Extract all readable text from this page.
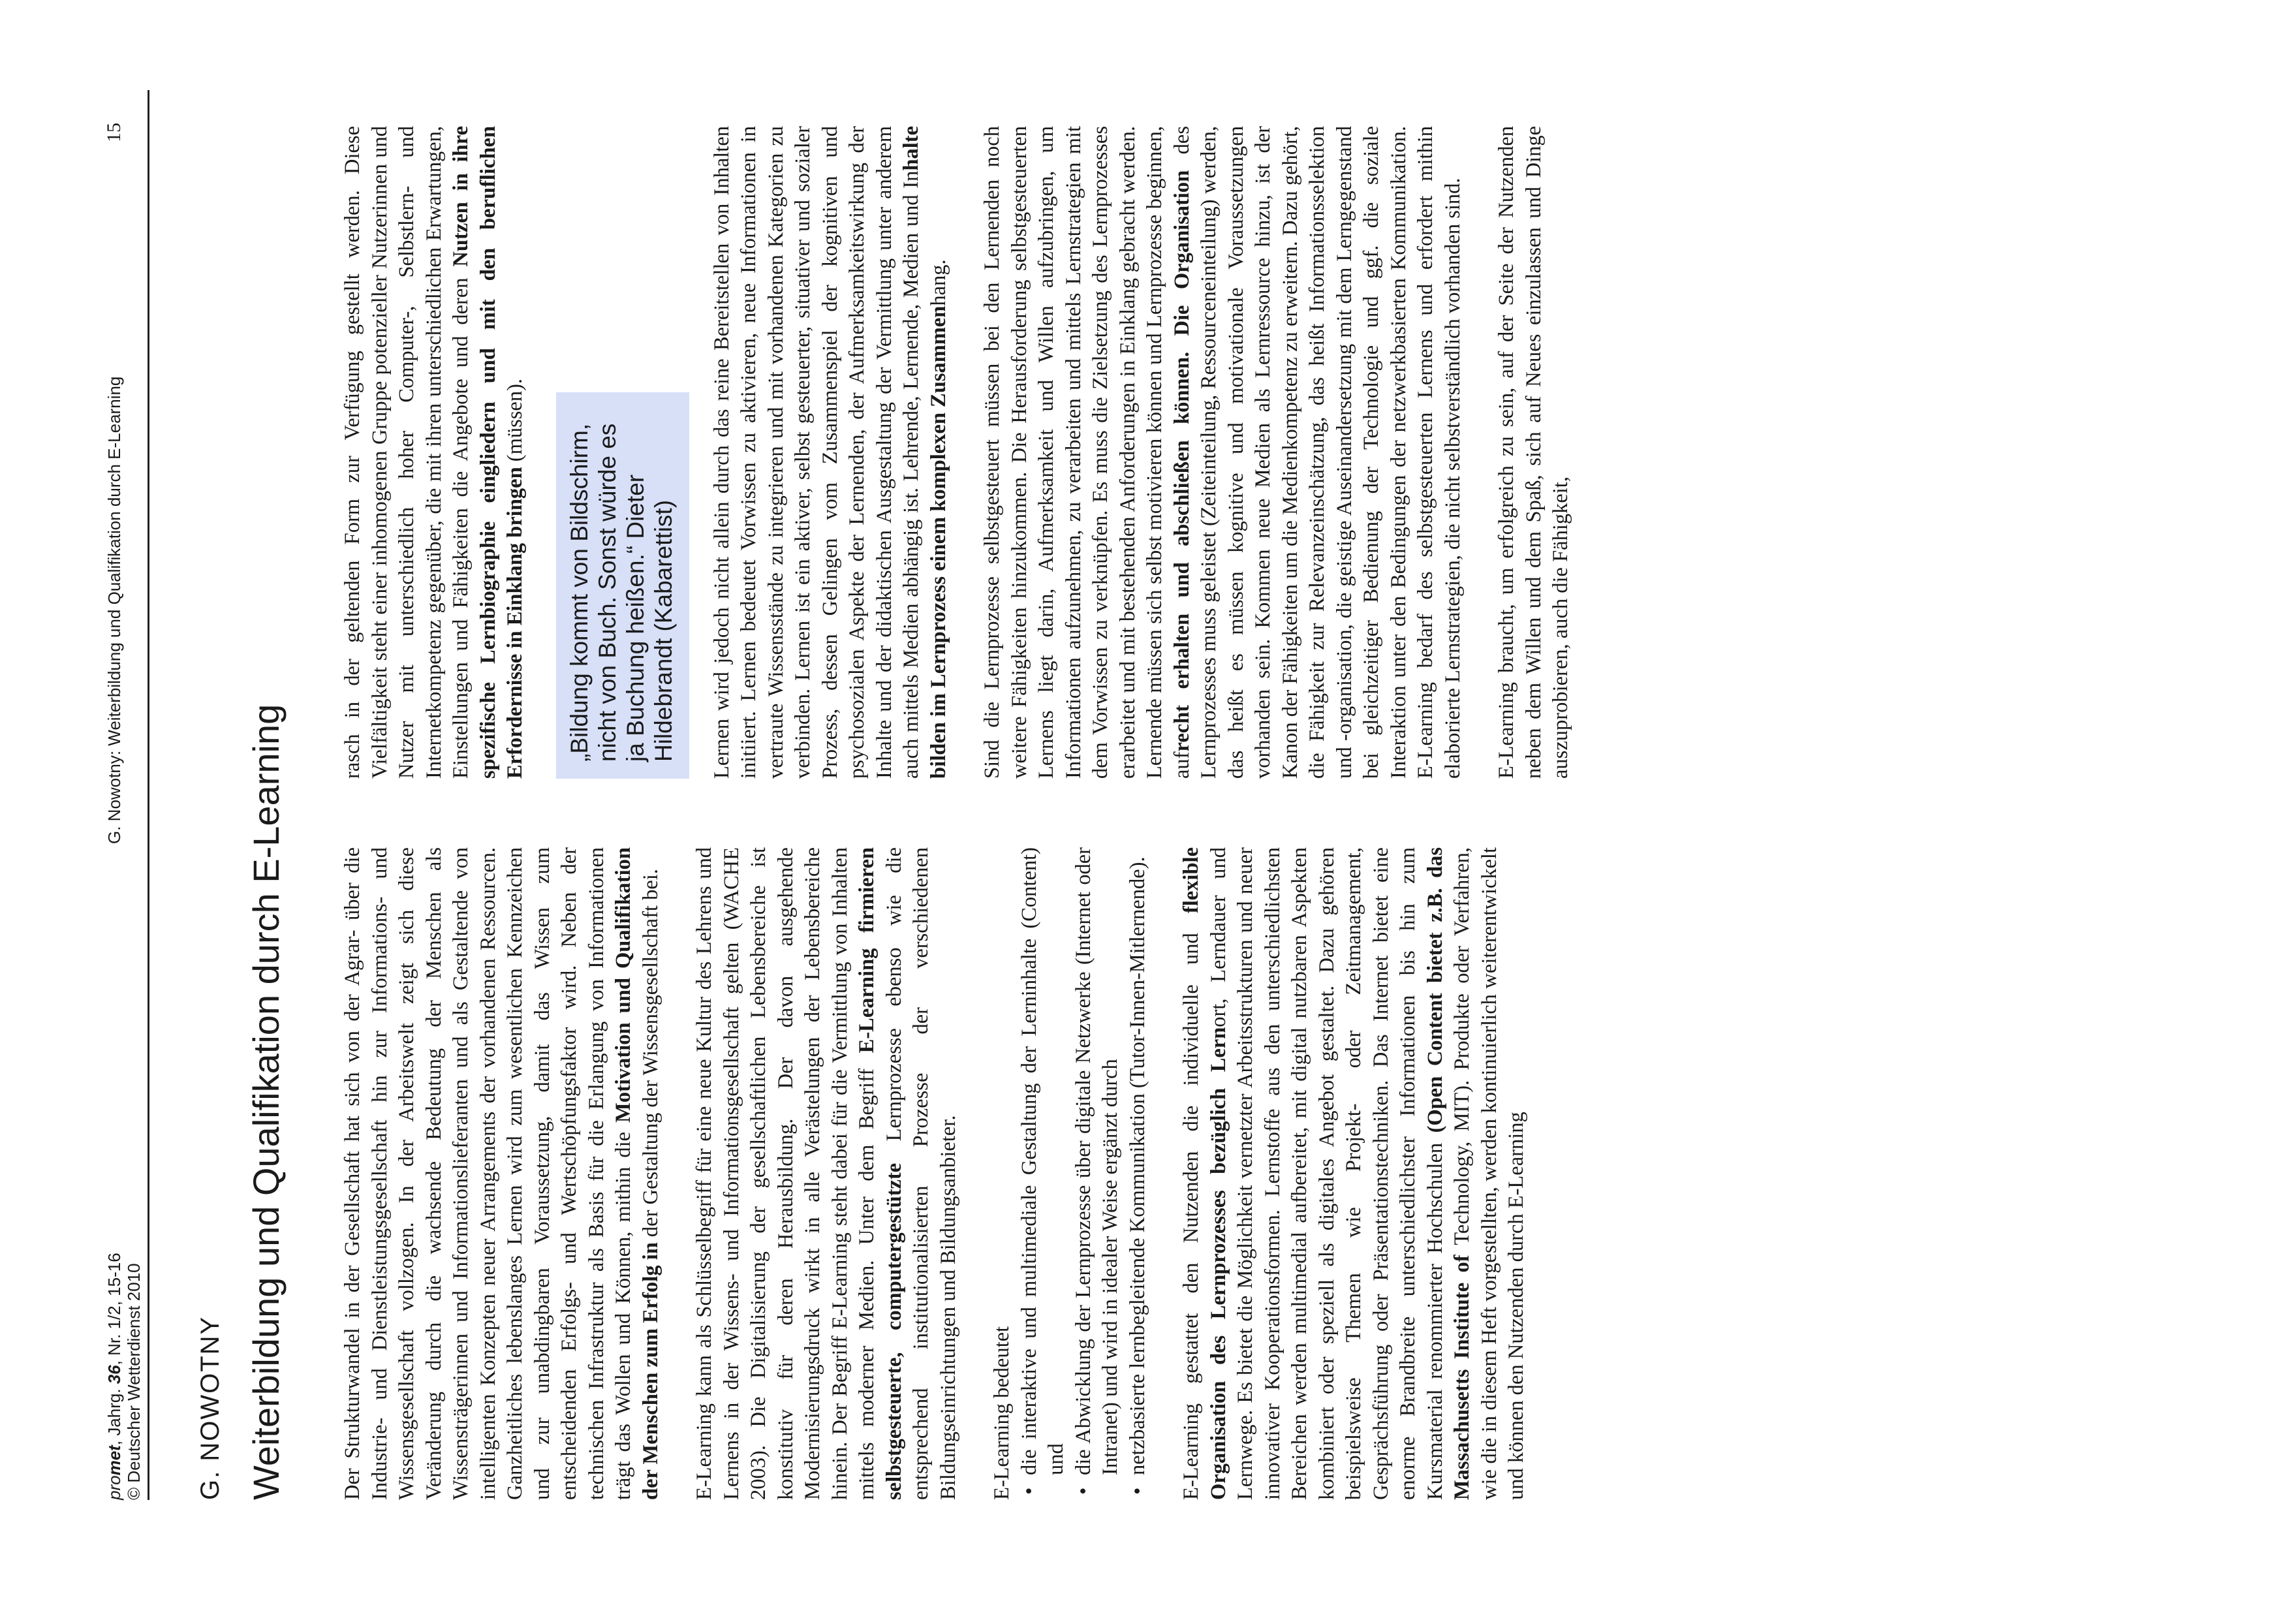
promet, Jahrg. 36, Nr. 1/2, 15-16 © Deutscher Wetterdienst 2010
G. Nowotny: Weiterbildung und Qualifikation durch E-Learning
15
G. NOWOTNY Weiterbildung und Qualifikation durch E-Learning	Der Strukturwandel in der Gesellschaft hat sich von der Agrar- über die Industrie- und Dienstleistungsgesellschaft hin zur Informations- und Wissensgesellschaft vollzogen. In der Arbeitswelt zeigt sich diese Veränderung durch die wachsende Bedeutung der Menschen als Wissensträgerinnen und Informationslieferanten und als Gestaltende von intelligenten Konzepten neuer Arrangements der vorhandenen Ressourcen. Ganzheitliches lebenslanges Lernen wird zum wesentlichen Kennzeichen und zur unabdingbaren Voraussetzung, damit das Wissen zum entscheidenden Erfolgs- und Wertschöpfungsfaktor wird. Neben der technischen Infrastruktur als Basis für die Erlangung von Informationen trägt das Wollen und Können, mithin die Motivation und Qualifikation der Menschen zum Erfolg in der Gestaltung der Wissensgesellschaft bei. E-Learning kann als Schlüsselbegriff für eine neue Kultur des Lehrens und Lernens in der Wissens- und Informationsgesellschaft gelten (WACHE 2003). Die Digitalisierung der gesellschaftlichen Lebensbereiche ist konstitutiv für deren Herausbildung. Der davon ausgehende Modernisierungsdruck wirkt in alle Verästelungen der Lebensbereiche hinein. Der Begriff E-Learning steht dabei für die Vermittlung von Inhalten mittels moderner Medien. Unter dem Begriff E-Learning firmieren selbstgesteuerte, computergestützte Lernprozesse ebenso wie die entsprechend institutionalisierten Prozesse der verschiedenen Bildungseinrichtungen und Bildungsanbieter. E-Learning bedeutet • die interaktive und multimediale Gestaltung der Lerninhalte (Content) und • die Abwicklung der Lernprozesse über digitale Netzwerke (Internet oder Intranet) und wird in idealer Weise ergänzt durch • netzbasierte lernbegleitende Kommunikation (Tutor-Innen-Mitlernende). E-Learning gestattet den Nutzenden die individuelle und flexible Organisation des Lernprozesses bezüglich Lernort, Lerndauer und Lernwege. Es bietet die Möglichkeit vernetzter Arbeitsstrukturen und neuer innovativer Kooperationsformen. Lernstoffe aus den unterschiedlichsten Bereichen werden multimedial aufbereitet, mit digital nutzbaren Aspekten kombiniert oder speziell als digitales Angebot gestaltet. Dazu gehören beispielsweise Themen wie Projekt- oder Zeitmanagement, Gesprächsführung oder Präsentationstechniken. Das Internet bietet eine enorme Brandbreite unterschiedlichster Informationen bis hin zum Kursmaterial renommierter Hochschulen (Open Content bietet z.B. das Massachusetts Institute of Technology, MIT). Produkte oder Verfahren, wie die in diesem Heft vorgestellten, werden kontinuierlich weiterentwickelt und können den Nutzenden durch E-Learning

rasch in der geltenden Form zur Verfügung gestellt werden. Diese Vielfältigkeit steht einer inhomogenen Gruppe potenzieller Nutzerinnen und Nutzer mit unterschiedlich hoher Computer-, Selbstlern- und Internetkompetenz gegenüber, die mit ihren unterschiedlichen Erwartungen, Einstellungen und Fähigkeiten die Angebote und deren Nutzen in ihre spezifische Lernbiographie eingliedern und mit den beruflichen Erfordernisse in Einklang bringen (müssen).

„Bildung kommt von Bildschirm, nicht von Buch. Sonst würde es ja Buchung heißen.“ Dieter Hildebrandt (Kabarettist)	Lernen wird jedoch nicht allein durch das reine Bereitstellen von Inhalten initiiert. Lernen bedeutet Vorwissen zu aktivieren, neue Informationen in vertraute Wissensstände zu integrieren und mit vorhandenen Kategorien zu verbinden. Lernen ist ein aktiver, selbst gesteuerter, situativer und sozialer Prozess, dessen Gelingen vom Zusammenspiel der kognitiven und psychosozialen Aspekte der Lernenden, der Aufmerksamkeitswirkung der Inhalte und der didaktischen Ausgestaltung der Vermittlung unter anderem auch mittels Medien abhängig ist. Lehrende, Lernende, Medien und Inhalte bilden im Lernprozess einem komplexen Zusammenhang. Sind die Lernprozesse selbstgesteuert müssen bei den Lernenden noch weitere Fähigkeiten hinzukommen. Die Herausforderung selbstgesteuerten Lernens liegt darin, Aufmerksamkeit und Willen aufzubringen, um Informationen aufzunehmen, zu verarbeiten und mittels Lernstrategien mit dem Vorwissen zu verknüpfen. Es muss die Zielsetzung des Lernprozesses erarbeitet und mit bestehenden Anforderungen in Einklang gebracht werden. Lernende müssen sich selbst motivieren können und Lernprozesse beginnen, aufrecht erhalten und abschließen können. Die Organisation des Lernprozesses muss geleistet (Zeiteinteilung, Ressourceneinteilung) werden, das heißt es müssen kognitive und motivationale Voraussetzungen vorhanden sein. Kommen neue Medien als Lernressource hinzu, ist der Kanon der Fähigkeiten um die Medienkompetenz zu erweitern. Dazu gehört, die Fähigkeit zur Relevanzeinschätzung, das heißt Informationsselektion und -organisation, die geistige Auseinandersetzung mit dem Lerngegenstand bei gleichzeitiger Bedienung der Technologie und ggf. die soziale Interaktion unter den Bedingungen der netzwerkbasierten Kommunikation. E-Learning bedarf des selbstgesteuerten Lernens und erfordert mithin elaborierte Lernstrategien, die nicht selbstverständlich vorhanden sind. E-Learning braucht, um erfolgreich zu sein, auf der Seite der Nutzenden neben dem Willen und dem Spaß, sich auf Neues einzulassen und Dinge auszuprobieren, auch die Fähigkeit,
